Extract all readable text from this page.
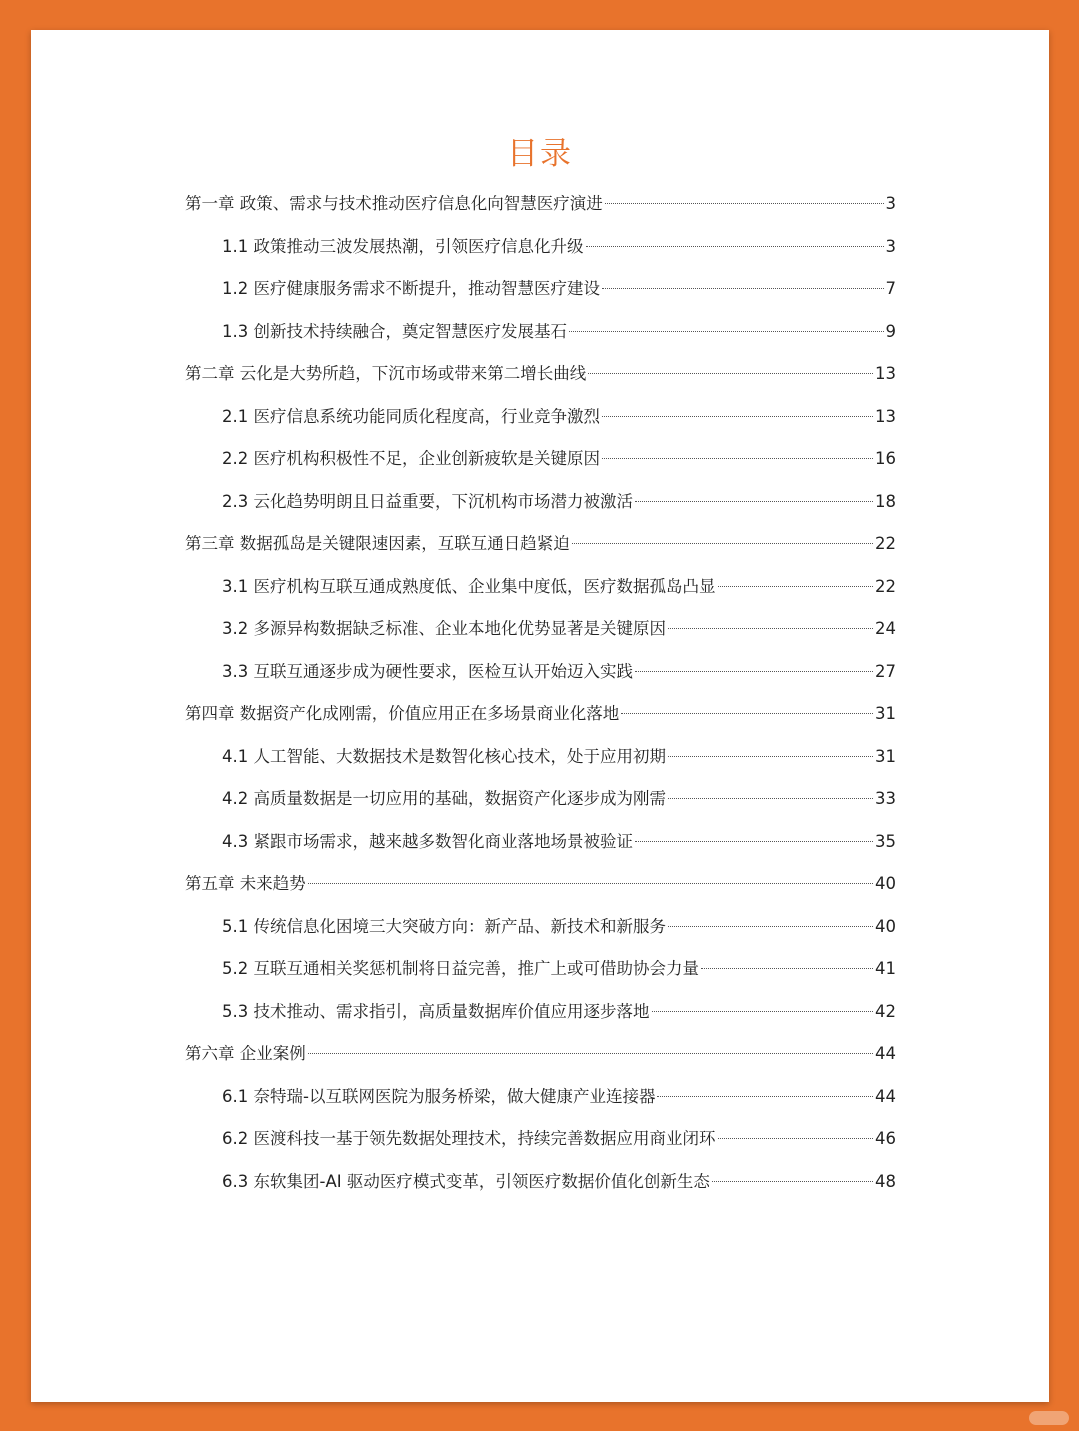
目录
第一章 政策、需求与技术推动医疗信息化向智慧医疗演进	3
1.1 政策推动三波发展热潮，引领医疗信息化升级	3
1.2 医疗健康服务需求不断提升，推动智慧医疗建设	7
1.3 创新技术持续融合，奠定智慧医疗发展基石	9
第二章 云化是大势所趋，下沉市场或带来第二增长曲线	13
2.1 医疗信息系统功能同质化程度高，行业竞争激烈	13
2.2 医疗机构积极性不足，企业创新疲软是关键原因	16
2.3 云化趋势明朗且日益重要，下沉机构市场潜力被激活	18
第三章 数据孤岛是关键限速因素，互联互通日趋紧迫	22
3.1 医疗机构互联互通成熟度低、企业集中度低，医疗数据孤岛凸显	22
3.2 多源异构数据缺乏标准、企业本地化优势显著是关键原因	24
3.3 互联互通逐步成为硬性要求，医检互认开始迈入实践	27
第四章 数据资产化成刚需，价值应用正在多场景商业化落地	31
4.1 人工智能、大数据技术是数智化核心技术，处于应用初期	31
4.2 高质量数据是一切应用的基础，数据资产化逐步成为刚需	33
4.3 紧跟市场需求，越来越多数智化商业落地场景被验证	35
第五章 未来趋势	40
5.1 传统信息化困境三大突破方向：新产品、新技术和新服务	40
5.2 互联互通相关奖惩机制将日益完善，推广上或可借助协会力量	41
5.3 技术推动、需求指引，高质量数据库价值应用逐步落地	42
第六章 企业案例	44
6.1 奈特瑞-以互联网医院为服务桥梁，做大健康产业连接器	44
6.2 医渡科技一基于领先数据处理技术，持续完善数据应用商业闭环	46
6.3 东软集团-AI 驱动医疗模式变革，引领医疗数据价值化创新生态	48
